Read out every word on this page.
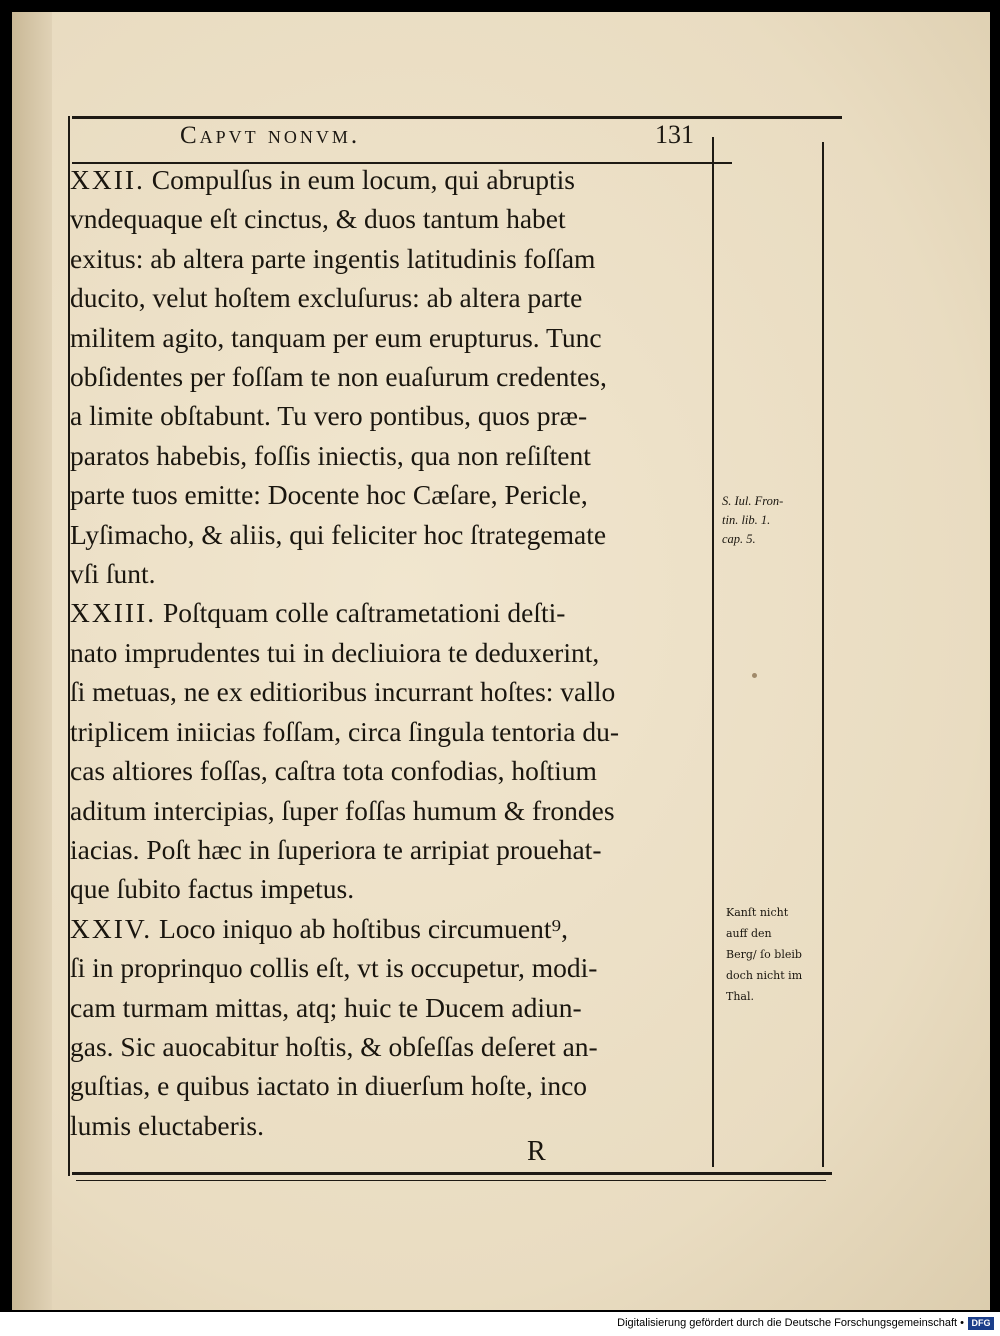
Capvt nonvm.	131
XXII. Compulſus in eum locum, qui abruptis
vndequaque eſt cinctus, & duos tantum habet
exitus: ab altera parte ingentis latitudinis foſſam
ducito, velut hoſtem excluſurus: ab altera parte
militem agito, tanquam per eum erupturus. Tunc
obſidentes per foſſam te non euaſurum credentes,
a limite obſtabunt. Tu vero pontibus, quos præ-
paratos habebis, foſſis iniectis, qua non reſiſtent
parte tuos emitte: Docente hoc Cæſare, Pericle,
Lyſimacho, & aliis, qui feliciter hoc ſtrategemate
vſi ſunt.
XXIII. Poſtquam colle caſtrametationi deſti-
nato imprudentes tui in decliuiora te deduxerint,
ſi metuas, ne ex editioribus incurrant hoſtes: vallo
triplicem iniicias foſſam, circa ſingula tentoria du-
cas altiores foſſas, caſtra tota confodias, hoſtium
aditum intercipias, ſuper foſſas humum & frondes
iacias. Poſt hæc in ſuperiora te arripiat prouehat-
que ſubito factus impetus.
XXIV. Loco iniquo ab hoſtibus circumuent⁹,
ſi in proprinquo collis eſt, vt is occupetur, modi-
cam turmam mittas, atq; huic te Ducem adiun-
gas. Sic auocabitur hoſtis, & obſeſſas deſeret an-
guſtias, e quibus iactato in diuerſum hoſte, inco
lumis eluctaberis.
S. Iul. Fron-
tin. lib. 1.
cap. 5.
Kanſt nicht
auff den
Berg/ ſo bleib
doch nicht im
Thal.
R
Digitalisierung gefördert durch die Deutsche Forschungsgemeinschaft • DFG
